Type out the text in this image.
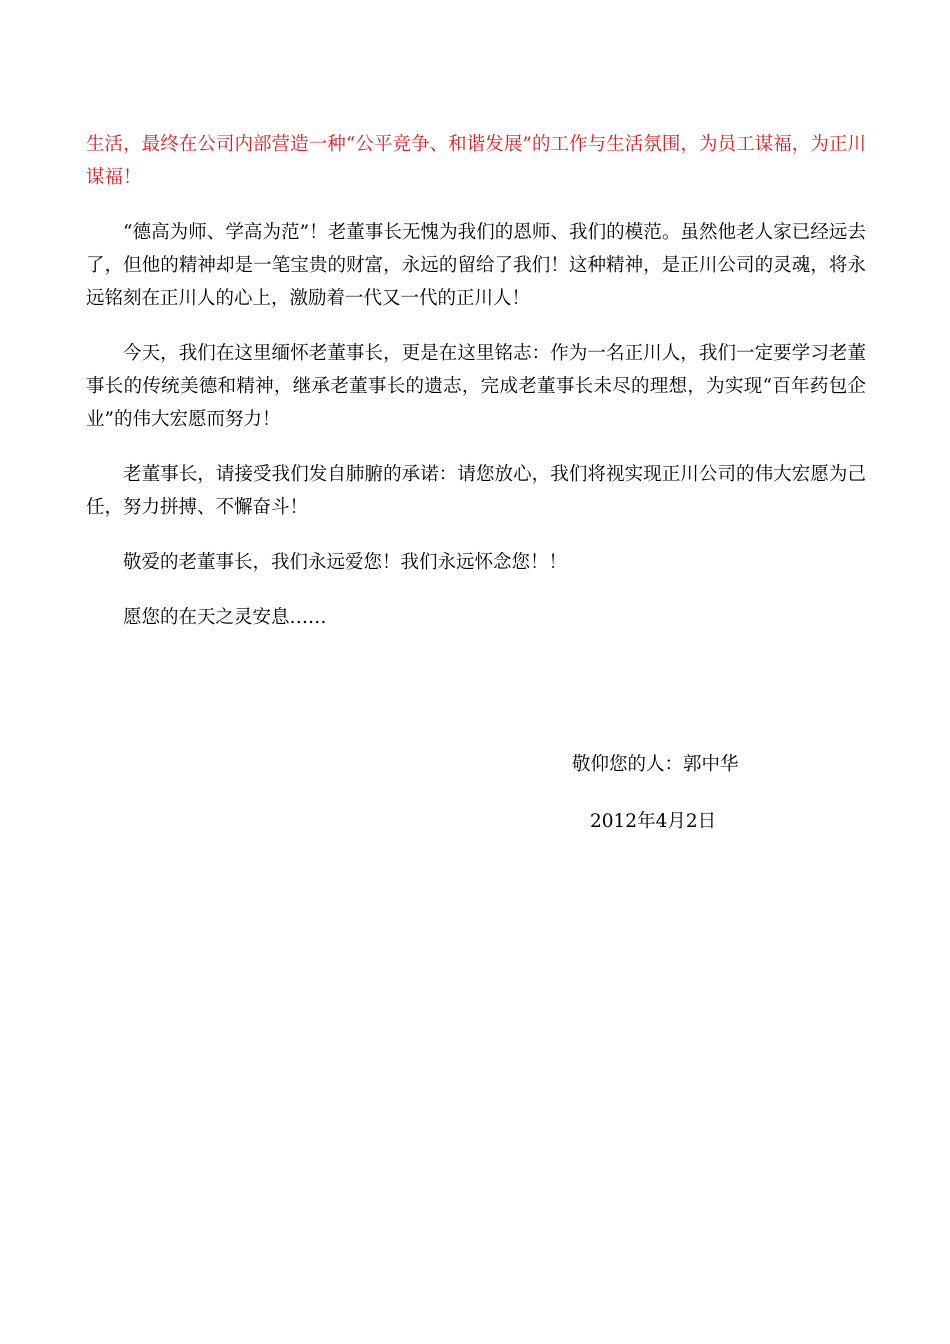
生活，最终在公司内部营造一种“公平竞争、和谐发展”的工作与生活氛围，为员工谋福，为正川谋福！

“德高为师、学高为范”！老董事长无愧为我们的恩师、我们的模范。虽然他老人家已经远去了，但他的精神却是一笔宝贵的财富，永远的留给了我们！这种精神，是正川公司的灵魂，将永远铭刻在正川人的心上，激励着一代又一代的正川人！

今天，我们在这里缅怀老董事长，更是在这里铭志：作为一名正川人，我们一定要学习老董事长的传统美德和精神，继承老董事长的遗志，完成老董事长未尽的理想，为实现“百年药包企业”的伟大宏愿而努力！

老董事长，请接受我们发自肺腑的承诺：请您放心，我们将视实现正川公司的伟大宏愿为己任，努力拼搏、不懈奋斗！

敬爱的老董事长，我们永远爱您！我们永远怀念您！！

愿您的在天之灵安息……

敬仰您的人：郭中华
2012年4月2日
